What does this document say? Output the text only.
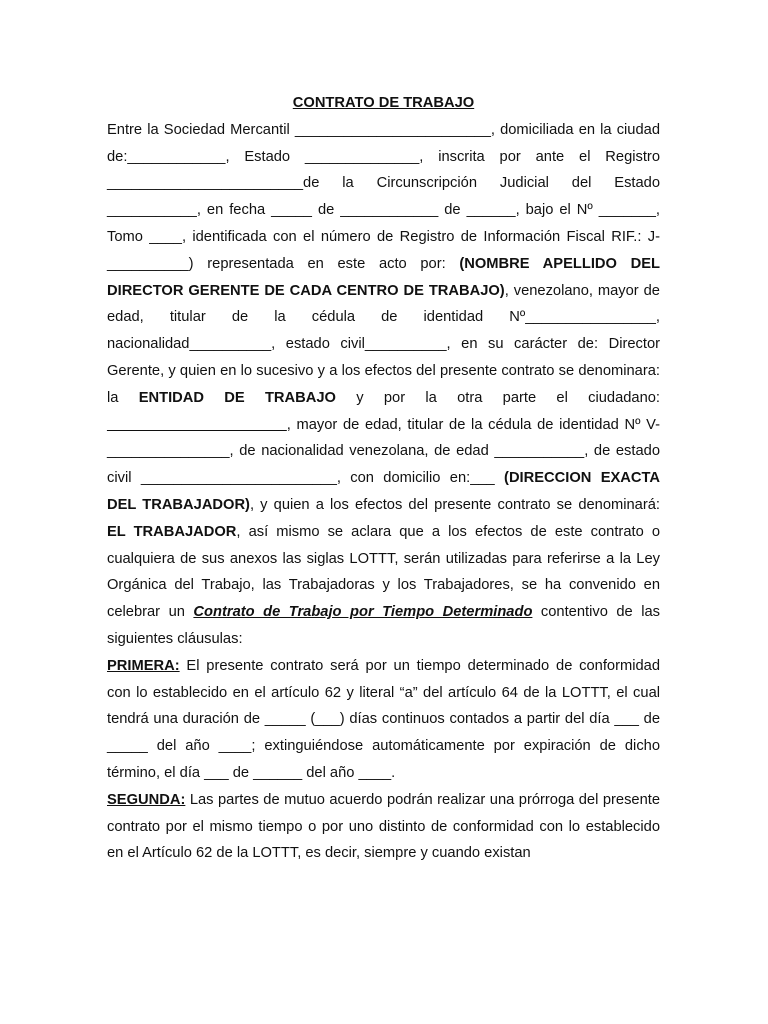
CONTRATO DE TRABAJO

Entre la Sociedad Mercantil ________________________, domiciliada en la ciudad de:____________, Estado ______________, inscrita por ante el Registro ________________________de la Circunscripción Judicial del Estado ___________, en fecha _____ de ____________ de ______, bajo el Nº _______, Tomo ____, identificada con el número de Registro de Información Fiscal RIF.: J-__________) representada en este acto por: (NOMBRE APELLIDO DEL DIRECTOR GERENTE DE CADA CENTRO DE TRABAJO), venezolano, mayor de edad, titular de la cédula de identidad Nº________________, nacionalidad__________, estado civil__________, en su carácter de: Director Gerente, y quien en lo sucesivo y a los efectos del presente contrato se denominara: la ENTIDAD DE TRABAJO y por la otra parte el ciudadano: ______________________, mayor de edad, titular de la cédula de identidad Nº V-_______________, de nacionalidad venezolana, de edad ___________, de estado civil ________________________, con domicilio en:___ (DIRECCION EXACTA DEL TRABAJADOR), y quien a los efectos del presente contrato se denominará: EL TRABAJADOR, así mismo se aclara que a los efectos de este contrato o cualquiera de sus anexos las siglas LOTTT, serán utilizadas para referirse a la Ley Orgánica del Trabajo, las Trabajadoras y los Trabajadores, se ha convenido en celebrar un Contrato de Trabajo por Tiempo Determinado contentivo de las siguientes cláusulas:

PRIMERA: El presente contrato será por un tiempo determinado de conformidad con lo establecido en el artículo 62 y literal “a” del artículo 64 de la LOTTT, el cual tendrá una duración de _____ (___) días continuos contados a partir del día ___ de _____ del año ____; extinguiéndose automáticamente por expiración de dicho término, el día ___ de ______ del año ____.

SEGUNDA: Las partes de mutuo acuerdo podrán realizar una prórroga del presente contrato por el mismo tiempo o por uno distinto de conformidad con lo establecido en el Artículo 62 de la LOTTT, es decir, siempre y cuando existan
